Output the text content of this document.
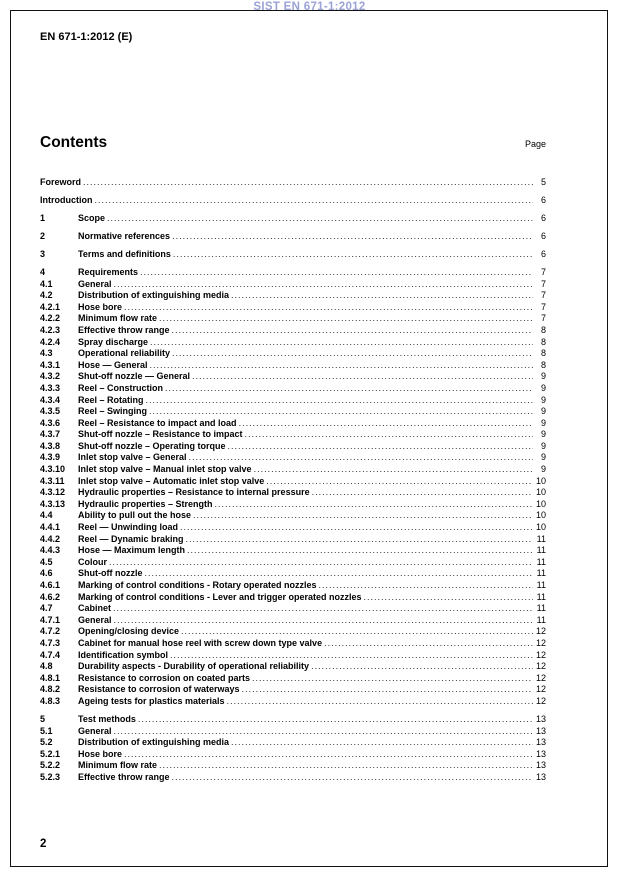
SIST EN 671-1:2012
EN 671-1:2012 (E)
Contents	Page
Foreword .....	5
Introduction .....	6
1	Scope .....	6
2	Normative references .....	6
3	Terms and definitions .....	6
4	Requirements .....	7
4.1	General .....	7
4.2	Distribution of extinguishing media .....	7
4.2.1	Hose bore .....	7
4.2.2	Minimum flow rate .....	7
4.2.3	Effective throw range .....	8
4.2.4	Spray discharge .....	8
4.3	Operational reliability .....	8
4.3.1	Hose — General .....	8
4.3.2	Shut-off nozzle — General .....	9
4.3.3	Reel – Construction .....	9
4.3.4	Reel – Rotating .....	9
4.3.5	Reel – Swinging .....	9
4.3.6	Reel – Resistance to impact and load .....	9
4.3.7	Shut-off nozzle – Resistance to impact .....	9
4.3.8	Shut-off nozzle – Operating torque .....	9
4.3.9	Inlet stop valve – General .....	9
4.3.10	Inlet stop valve – Manual inlet stop valve .....	9
4.3.11	Inlet stop valve – Automatic inlet stop valve .....	10
4.3.12	Hydraulic properties – Resistance to internal pressure .....	10
4.3.13	Hydraulic properties – Strength .....	10
4.4	Ability to pull out the hose .....	10
4.4.1	Reel — Unwinding load .....	10
4.4.2	Reel — Dynamic braking .....	11
4.4.3	Hose — Maximum length .....	11
4.5	Colour .....	11
4.6	Shut-off nozzle .....	11
4.6.1	Marking of control conditions - Rotary operated nozzles .....	11
4.6.2	Marking of control conditions - Lever and trigger operated nozzles .....	11
4.7	Cabinet .....	11
4.7.1	General .....	11
4.7.2	Opening/closing device .....	12
4.7.3	Cabinet for manual hose reel with screw down type valve .....	12
4.7.4	Identification symbol .....	12
4.8	Durability aspects - Durability of operational reliability .....	12
4.8.1	Resistance to corrosion on coated parts .....	12
4.8.2	Resistance to corrosion of waterways .....	12
4.8.3	Ageing tests for plastics materials .....	12
5	Test methods .....	13
5.1	General .....	13
5.2	Distribution of extinguishing media .....	13
5.2.1	Hose bore .....	13
5.2.2	Minimum flow rate .....	13
5.2.3	Effective throw range .....	13
2
